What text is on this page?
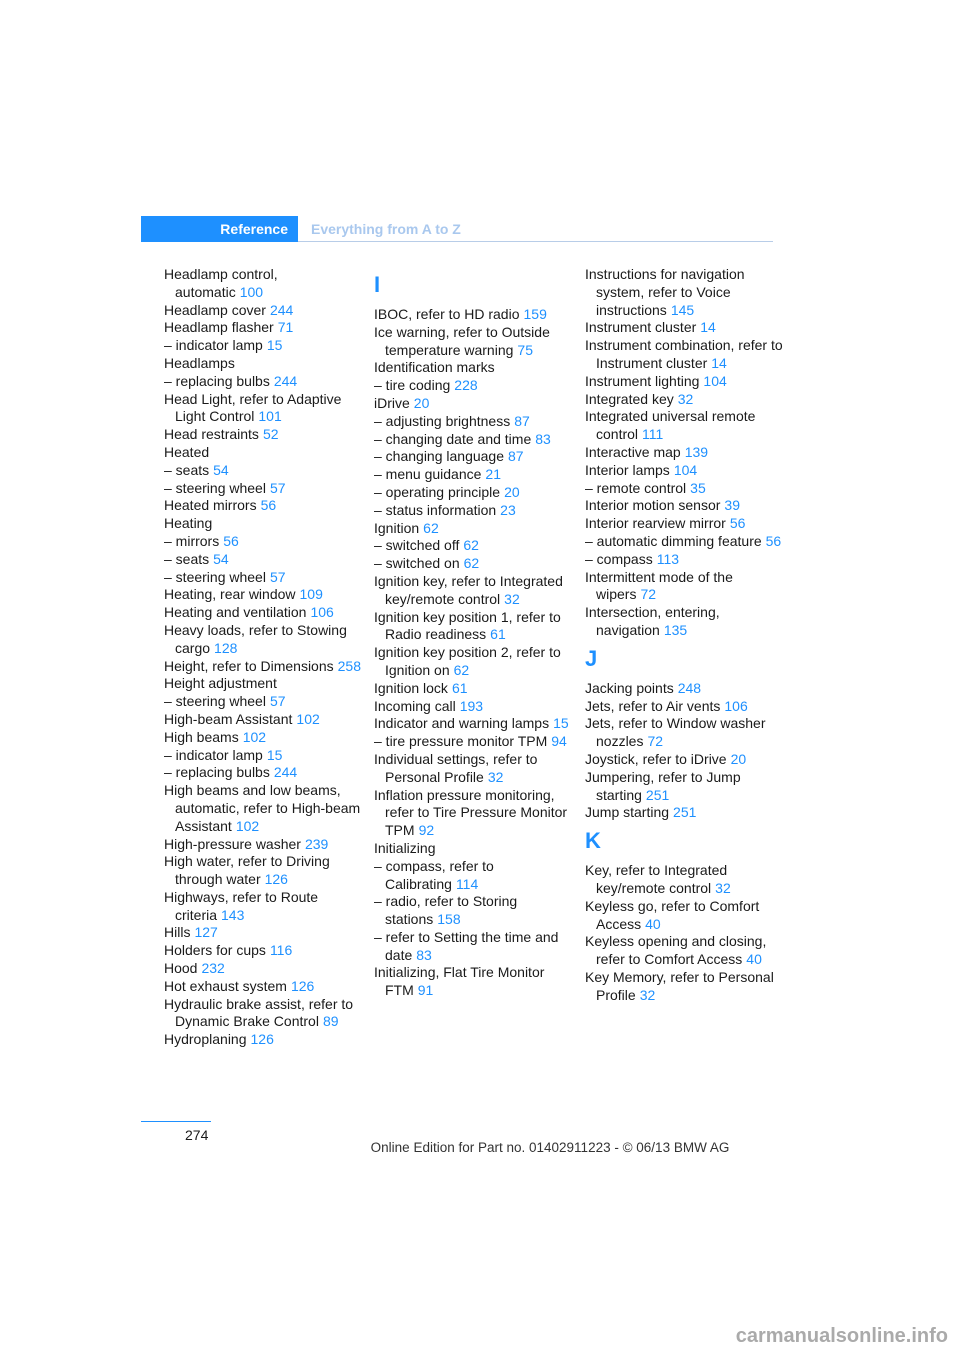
Reference	Everything from A to Z
Headlamp control, automatic 100
Headlamp cover 244
Headlamp flasher 71
– indicator lamp 15
Headlamps
– replacing bulbs 244
Head Light, refer to Adaptive Light Control 101
Head restraints 52
Heated
– seats 54
– steering wheel 57
Heated mirrors 56
Heating
– mirrors 56
– seats 54
– steering wheel 57
Heating, rear window 109
Heating and ventilation 106
Heavy loads, refer to Stowing cargo 128
Height, refer to Dimensions 258
Height adjustment
– steering wheel 57
High-beam Assistant 102
High beams 102
– indicator lamp 15
– replacing bulbs 244
High beams and low beams, automatic, refer to High-beam Assistant 102
High-pressure washer 239
High water, refer to Driving through water 126
Highways, refer to Route criteria 143
Hills 127
Holders for cups 116
Hood 232
Hot exhaust system 126
Hydraulic brake assist, refer to Dynamic Brake Control 89
Hydroplaning 126
I
IBOC, refer to HD radio 159
Ice warning, refer to Outside temperature warning 75
Identification marks
– tire coding 228
iDrive 20
– adjusting brightness 87
– changing date and time 83
– changing language 87
– menu guidance 21
– operating principle 20
– status information 23
Ignition 62
– switched off 62
– switched on 62
Ignition key, refer to Integrated key/remote control 32
Ignition key position 1, refer to Radio readiness 61
Ignition key position 2, refer to Ignition on 62
Ignition lock 61
Incoming call 193
Indicator and warning lamps 15
– tire pressure monitor TPM 94
Individual settings, refer to Personal Profile 32
Inflation pressure monitoring, refer to Tire Pressure Monitor TPM 92
Initializing
– compass, refer to Calibrating 114
– radio, refer to Storing stations 158
– refer to Setting the time and date 83
Initializing, Flat Tire Monitor FTM 91
Instructions for navigation system, refer to Voice instructions 145
Instrument cluster 14
Instrument combination, refer to Instrument cluster 14
Instrument lighting 104
Integrated key 32
Integrated universal remote control 111
Interactive map 139
Interior lamps 104
– remote control 35
Interior motion sensor 39
Interior rearview mirror 56
– automatic dimming feature 56
– compass 113
Intermittent mode of the wipers 72
Intersection, entering, navigation 135
J
Jacking points 248
Jets, refer to Air vents 106
Jets, refer to Window washer nozzles 72
Joystick, refer to iDrive 20
Jumpering, refer to Jump starting 251
Jump starting 251
K
Key, refer to Integrated key/remote control 32
Keyless go, refer to Comfort Access 40
Keyless opening and closing, refer to Comfort Access 40
Key Memory, refer to Personal Profile 32
274
Online Edition for Part no. 01402911223 - © 06/13 BMW AG
carmanualsonline.info
